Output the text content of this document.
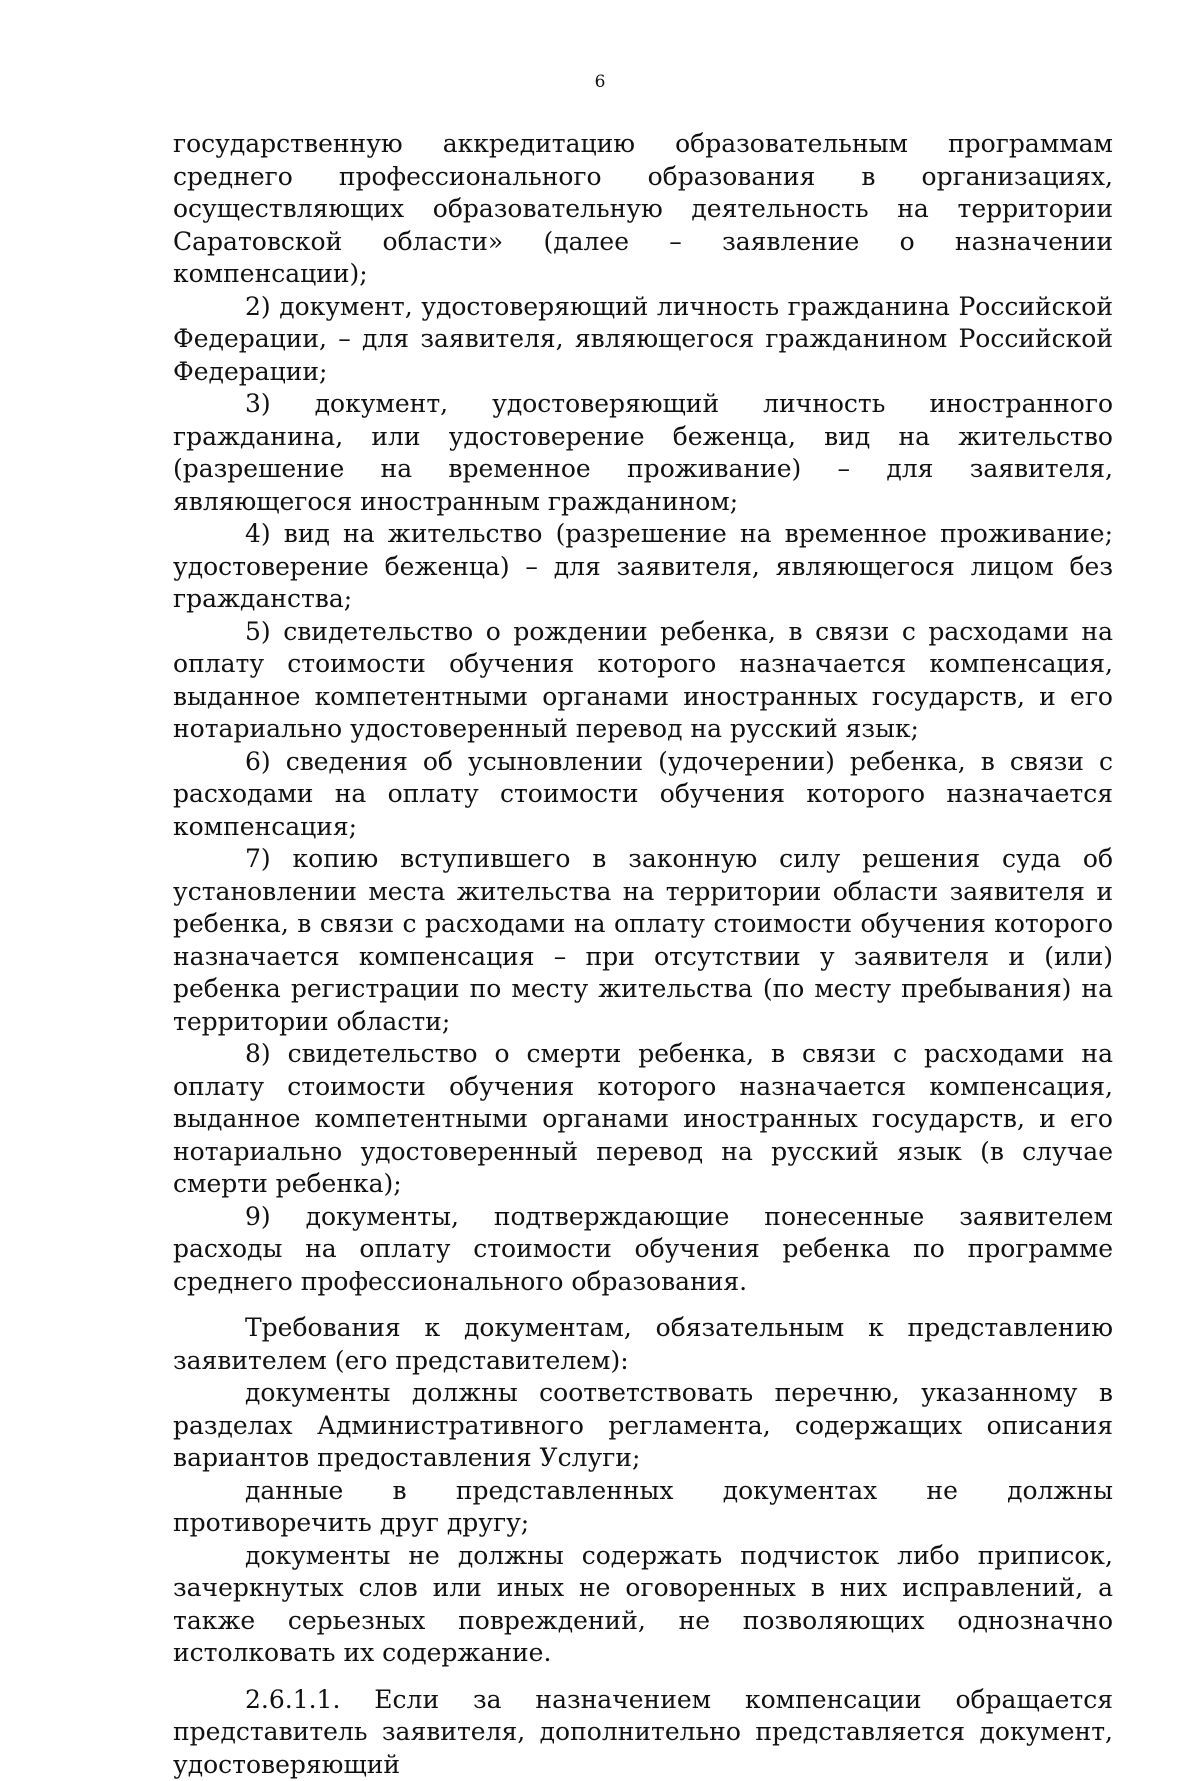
6

государственную аккредитацию образовательным программам среднего профессионального образования в организациях, осуществляющих образовательную деятельность на территории Саратовской области» (далее – заявление о назначении компенсации);

2) документ, удостоверяющий личность гражданина Российской Федерации, – для заявителя, являющегося гражданином Российской Федерации;

3) документ, удостоверяющий личность иностранного гражданина, или удостоверение беженца, вид на жительство (разрешение на временное проживание) – для заявителя, являющегося иностранным гражданином;

4) вид на жительство (разрешение на временное проживание; удостоверение беженца) – для заявителя, являющегося лицом без гражданства;

5) свидетельство о рождении ребенка, в связи с расходами на оплату стоимости обучения которого назначается компенсация, выданное компетентными органами иностранных государств, и его нотариально удостоверенный перевод на русский язык;

6) сведения об усыновлении (удочерении) ребенка, в связи с расходами на оплату стоимости обучения которого назначается компенсация;

7) копию вступившего в законную силу решения суда об установлении места жительства на территории области заявителя и ребенка, в связи с расходами на оплату стоимости обучения которого назначается компенсация – при отсутствии у заявителя и (или) ребенка регистрации по месту жительства (по месту пребывания) на территории области;

8) свидетельство о смерти ребенка, в связи с расходами на оплату стоимости обучения которого назначается компенсация, выданное компетентными органами иностранных государств, и его нотариально удостоверенный перевод на русский язык (в случае смерти ребенка);

9) документы, подтверждающие понесенные заявителем расходы на оплату стоимости обучения ребенка по программе среднего профессионального образования.

Требования к документам, обязательным к представлению заявителем (его представителем):

документы должны соответствовать перечню, указанному в разделах Административного регламента, содержащих описания вариантов предоставления Услуги;

данные в представленных документах не должны противоречить друг другу;

документы не должны содержать подчисток либо приписок, зачеркнутых слов или иных не оговоренных в них исправлений, а также серьезных повреждений, не позволяющих однозначно истолковать их содержание.

2.6.1.1. Если за назначением компенсации обращается представитель заявителя, дополнительно представляется документ, удостоверяющий
